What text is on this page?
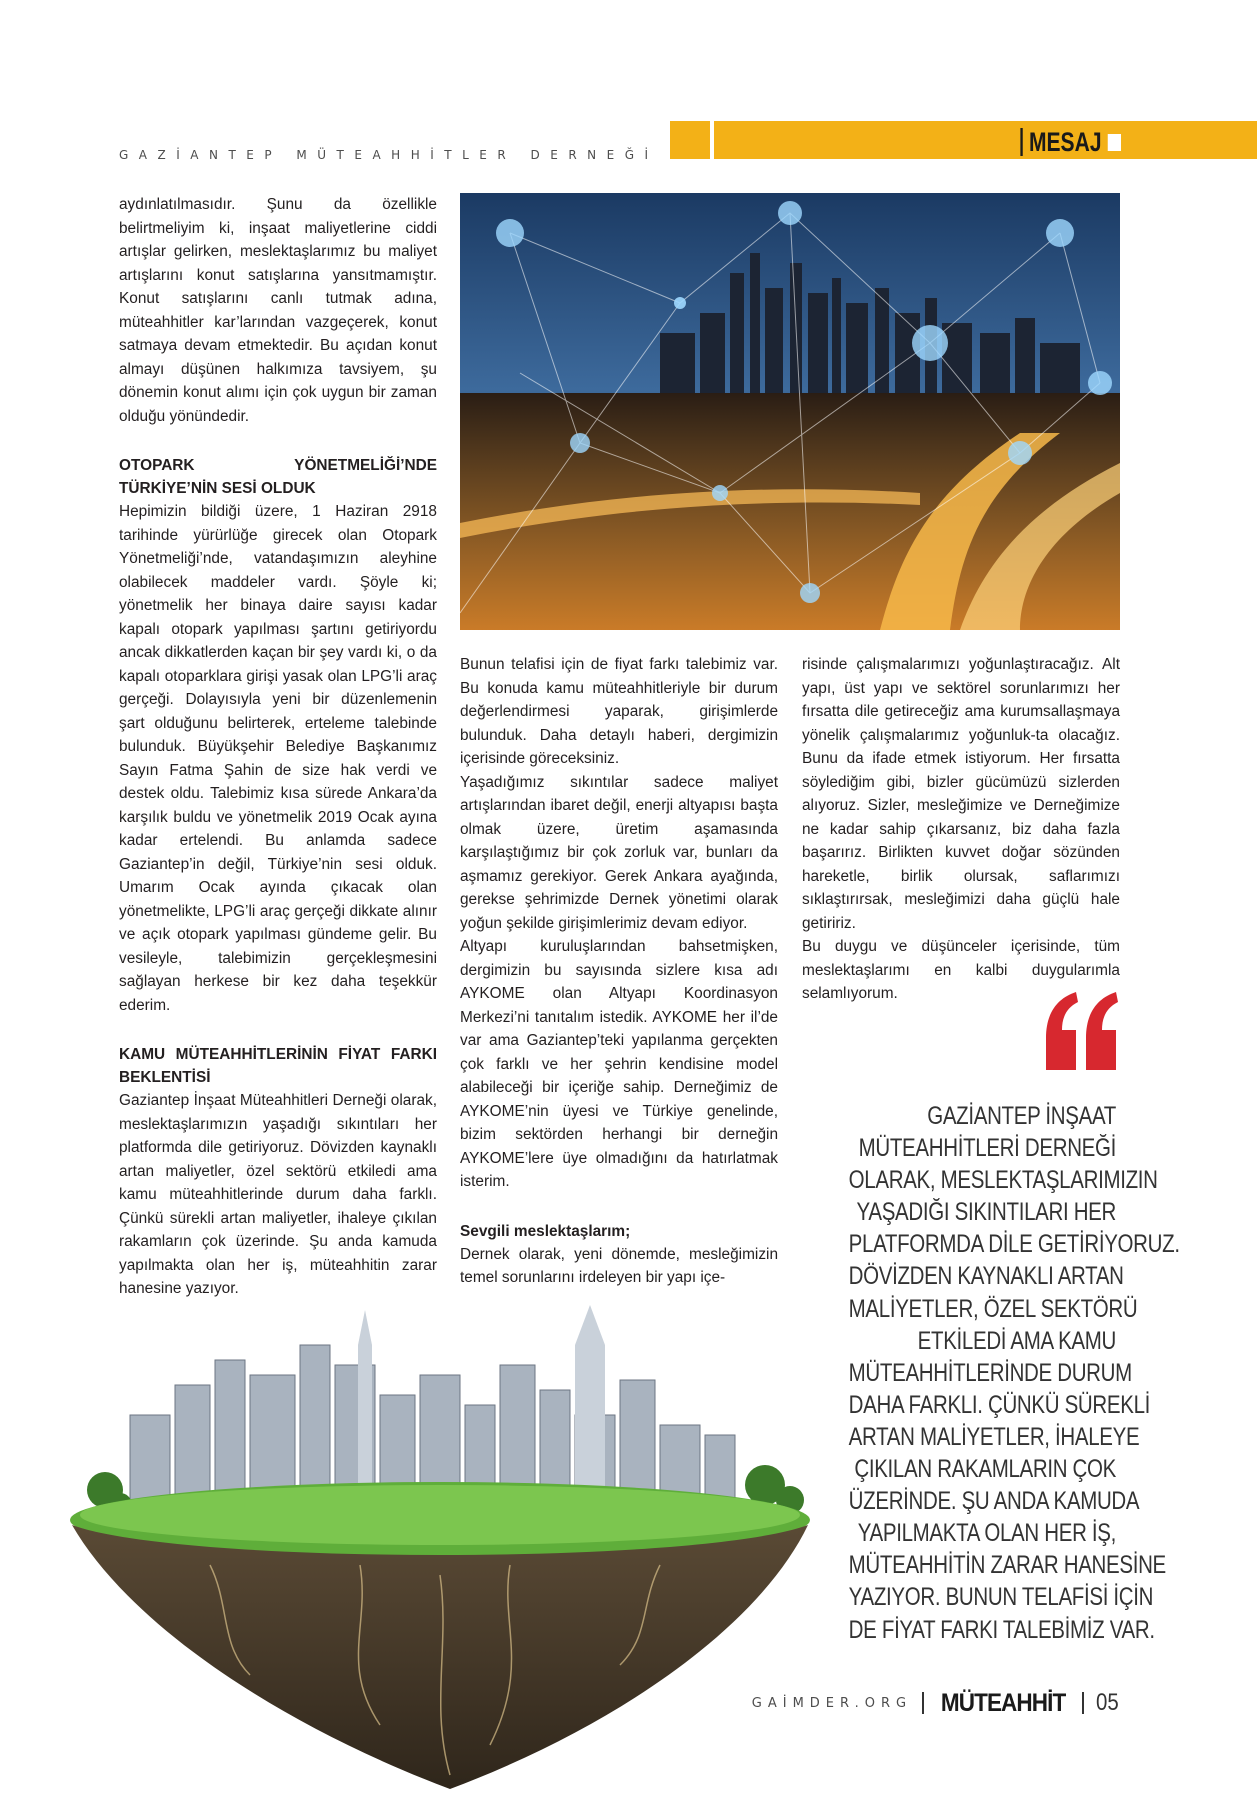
GAZİANTEP MÜTEAHHİTLER DERNEĞİ	MESAJ

aydınlatılmasıdır. Şunu da özellikle belirtmeliyim ki, inşaat maliyetlerine ciddi artışlar gelirken, meslektaşlarımız bu maliyet artışlarını konut satışlarına yansıtmamıştır. Konut satışlarını canlı tutmak adına, müteahhitler kar’larından vazgeçerek, konut satmaya devam etmektedir. Bu açıdan konut almayı düşünen halkımıza tavsiyem, şu dönemin konut alımı için çok uygun bir zaman olduğu yönündedir.

OTOPARK YÖNETMELİĞİ’NDE TÜRKİYE’NİN SESİ OLDUK

Hepimizin bildiği üzere, 1 Haziran 2918 tarihinde yürürlüğe girecek olan Otopark Yönetmeliği’nde, vatandaşımızın aleyhine olabilecek maddeler vardı. Şöyle ki; yönetmelik her binaya daire sayısı kadar kapalı otopark yapılması şartını getiriyordu ancak dikkatlerden kaçan bir şey vardı ki, o da kapalı otoparklara girişi yasak olan LPG’li araç gerçeği. Dolayısıyla yeni bir düzenlemenin şart olduğunu belirterek, erteleme talebinde bulunduk. Büyükşehir Belediye Başkanımız Sayın Fatma Şahin de size hak verdi ve destek oldu. Talebimiz kısa sürede Ankara’da karşılık buldu ve yönetmelik 2019 Ocak ayına kadar ertelendi. Bu anlamda sadece Gaziantep’in değil, Türkiye’nin sesi olduk. Umarım Ocak ayında çıkacak olan yönetmelikte, LPG’li araç gerçeği dikkate alınır ve açık otopark yapılması gündeme gelir. Bu vesileyle, talebimizin gerçekleşmesini sağlayan herkese bir kez daha teşekkür ederim.

KAMU MÜTEAHHİTLERİNİN FİYAT FARKI BEKLENTİSİ

Gaziantep İnşaat Müteahhitleri Derneği olarak, meslektaşlarımızın yaşadığı sıkıntıları her platformda dile getiriyoruz. Dövizden kaynaklı artan maliyetler, özel sektörü etkiledi ama kamu müteahhitlerinde durum daha farklı. Çünkü sürekli artan maliyetler, ihaleye çıkılan rakamların çok üzerinde. Şu anda kamuda yapılmakta olan her iş, müteahhitin zarar hanesine yazıyor.

Bunun telafisi için de fiyat farkı talebimiz var. Bu konuda kamu müteahhitleriyle bir durum değerlendirmesi yaparak, girişimlerde bulunduk. Daha detaylı haberi, dergimizin içerisinde göreceksiniz.

Yaşadığımız sıkıntılar sadece maliyet artışlarından ibaret değil, enerji altyapısı başta olmak üzere, üretim aşamasında karşılaştığımız bir çok zorluk var, bunları da aşmamız gerekiyor. Gerek Ankara ayağında, gerekse şehrimizde Dernek yönetimi olarak yoğun şekilde girişimlerimiz devam ediyor.

Altyapı kuruluşlarından bahsetmişken, dergimizin bu sayısında sizlere kısa adı AYKOME olan Altyapı Koordinasyon Merkezi’ni tanıtalım istedik. AYKOME her il’de var ama Gaziantep’teki yapılanma gerçekten çok farklı ve her şehrin kendisine model alabileceği bir içeriğe sahip. Derneğimiz de AYKOME’nin üyesi ve Türkiye genelinde, bizim sektörden herhangi bir derneğin AYKOME’lere üye olmadığını da hatırlatmak isterim.

Sevgili meslektaşlarım;

Dernek olarak, yeni dönemde, mesleğimizin temel sorunlarını irdeleyen bir yapı içe-

risinde çalışmalarımızı yoğunlaştıracağız. Alt yapı, üst yapı ve sektörel sorunlarımızı her fırsatta dile getireceğiz ama kurumsallaşmaya yönelik çalışmalarımız yoğunluk-ta olacağız. Bunu da ifade etmek istiyorum. Her fırsatta söylediğim gibi, bizler gücümüzü sizlerden alıyoruz. Sizler, mesleğimize ve Derneğimize ne kadar sahip çıkarsanız, biz daha fazla başarırız. Birlikten kuvvet doğar sözünden hareketle, birlik olursak, saflarımızı sıklaştırırsak, mesleğimizi daha güçlü hale getiririz.

Bu duygu ve düşünceler içerisinde, tüm meslektaşlarımı en kalbi duygularımla selamlıyorum.

GAZİANTEP İNŞAAT
MÜTEAHHİTLERİ DERNEĞİ
OLARAK, MESLEKTAŞLARIMIZIN
YAŞADIĞI SIKINTILARI HER
PLATFORMDA DİLE GETİRİYORUZ.
DÖVİZDEN KAYNAKLI ARTAN
MALİYETLER, ÖZEL SEKTÖRÜ
ETKİLEDİ AMA KAMU
MÜTEAHHİTLERİNDE DURUM
DAHA FARKLI. ÇÜNKÜ SÜREKLİ
ARTAN MALİYETLER, İHALEYE
ÇIKILAN RAKAMLARIN ÇOK
ÜZERİNDE. ŞU ANDA KAMUDA
YAPILMAKTA OLAN HER İŞ,
MÜTEAHHİTİN ZARAR HANESİNE
YAZIYOR. BUNUN TELAFİSİ İÇİN
DE FİYAT FARKI TALEBİMİZ VAR.
GAİMDER.ORG MÜTEAHHİT 05
